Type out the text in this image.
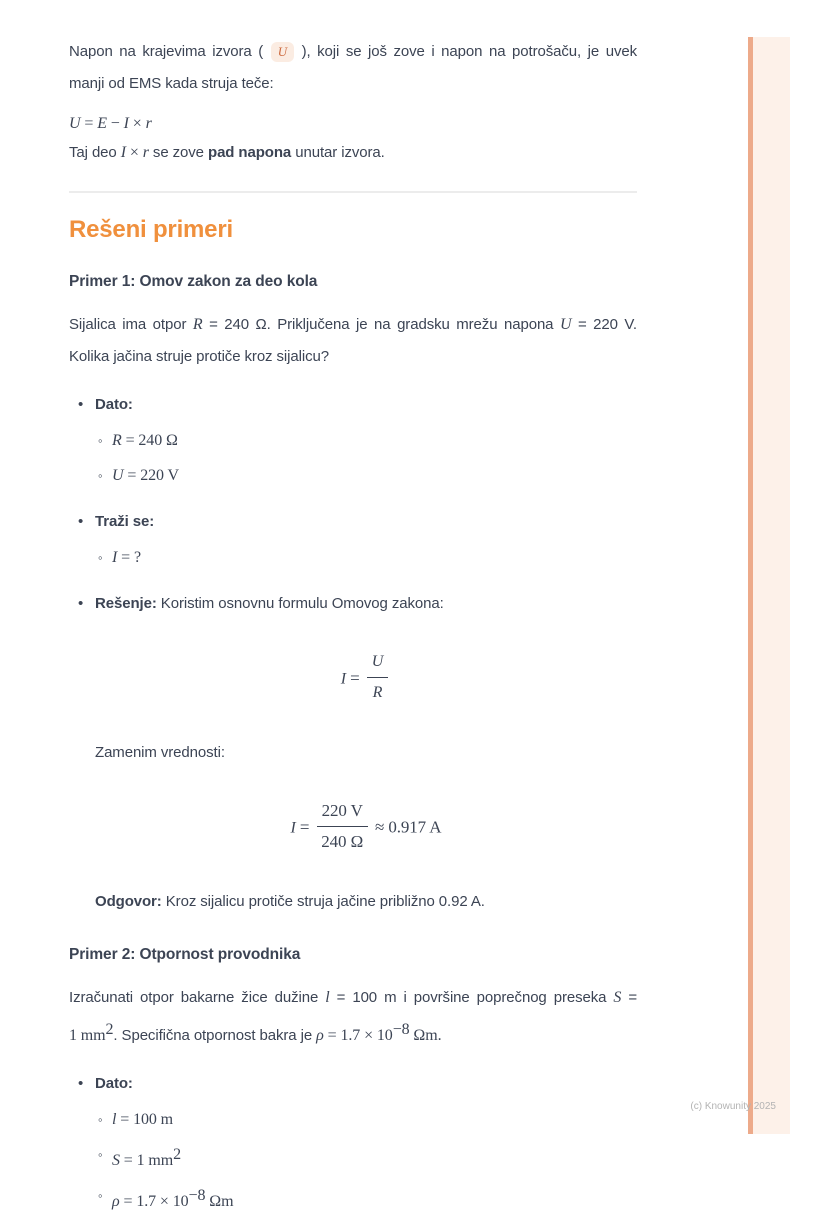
Napon na krajevima izvora ( U ), koji se još zove i napon na potrošaču, je uvek
manji od EMS kada struja teče:
U = E − I × r
Taj deo I × r se zove pad napona unutar izvora.
Rešeni primeri
Primer 1: Omov zakon za deo kola
Sijalica ima otpor R = 240 Ω. Priključena je na gradsku mrežu napona U = 220 V.
Kolika jačina struje protiče kroz sijalicu?
• Dato:
◦ R = 240 Ω
◦ U = 220 V
• Traži se:
◦ I = ?
• Rešenje: Koristim osnovnu formulu Omovog zakona:
$I = \frac{U}{R}$
Zamenim vrednosti:
$I = \frac{220 V}{240 \Omega} \approx 0.917$ A
Odgovor: Kroz sijalicu protiče struja jačine približno 0.92 A.
Primer 2: Otpornost provodnika
Izračunati otpor bakarne žice dužine l = 100 m i površine poprečnog preseka S =
1 $mm^2$. Specifična otpornost bakra je $\rho = 1.7 \times 10^{-8}$ Ωm.
• Dato:
◦ l = 100 m
◦ S = 1 $mm^2$
◦ $\rho = 1.7 \times 10^{-8}$ Ωm
(c) Knowunity 2025
